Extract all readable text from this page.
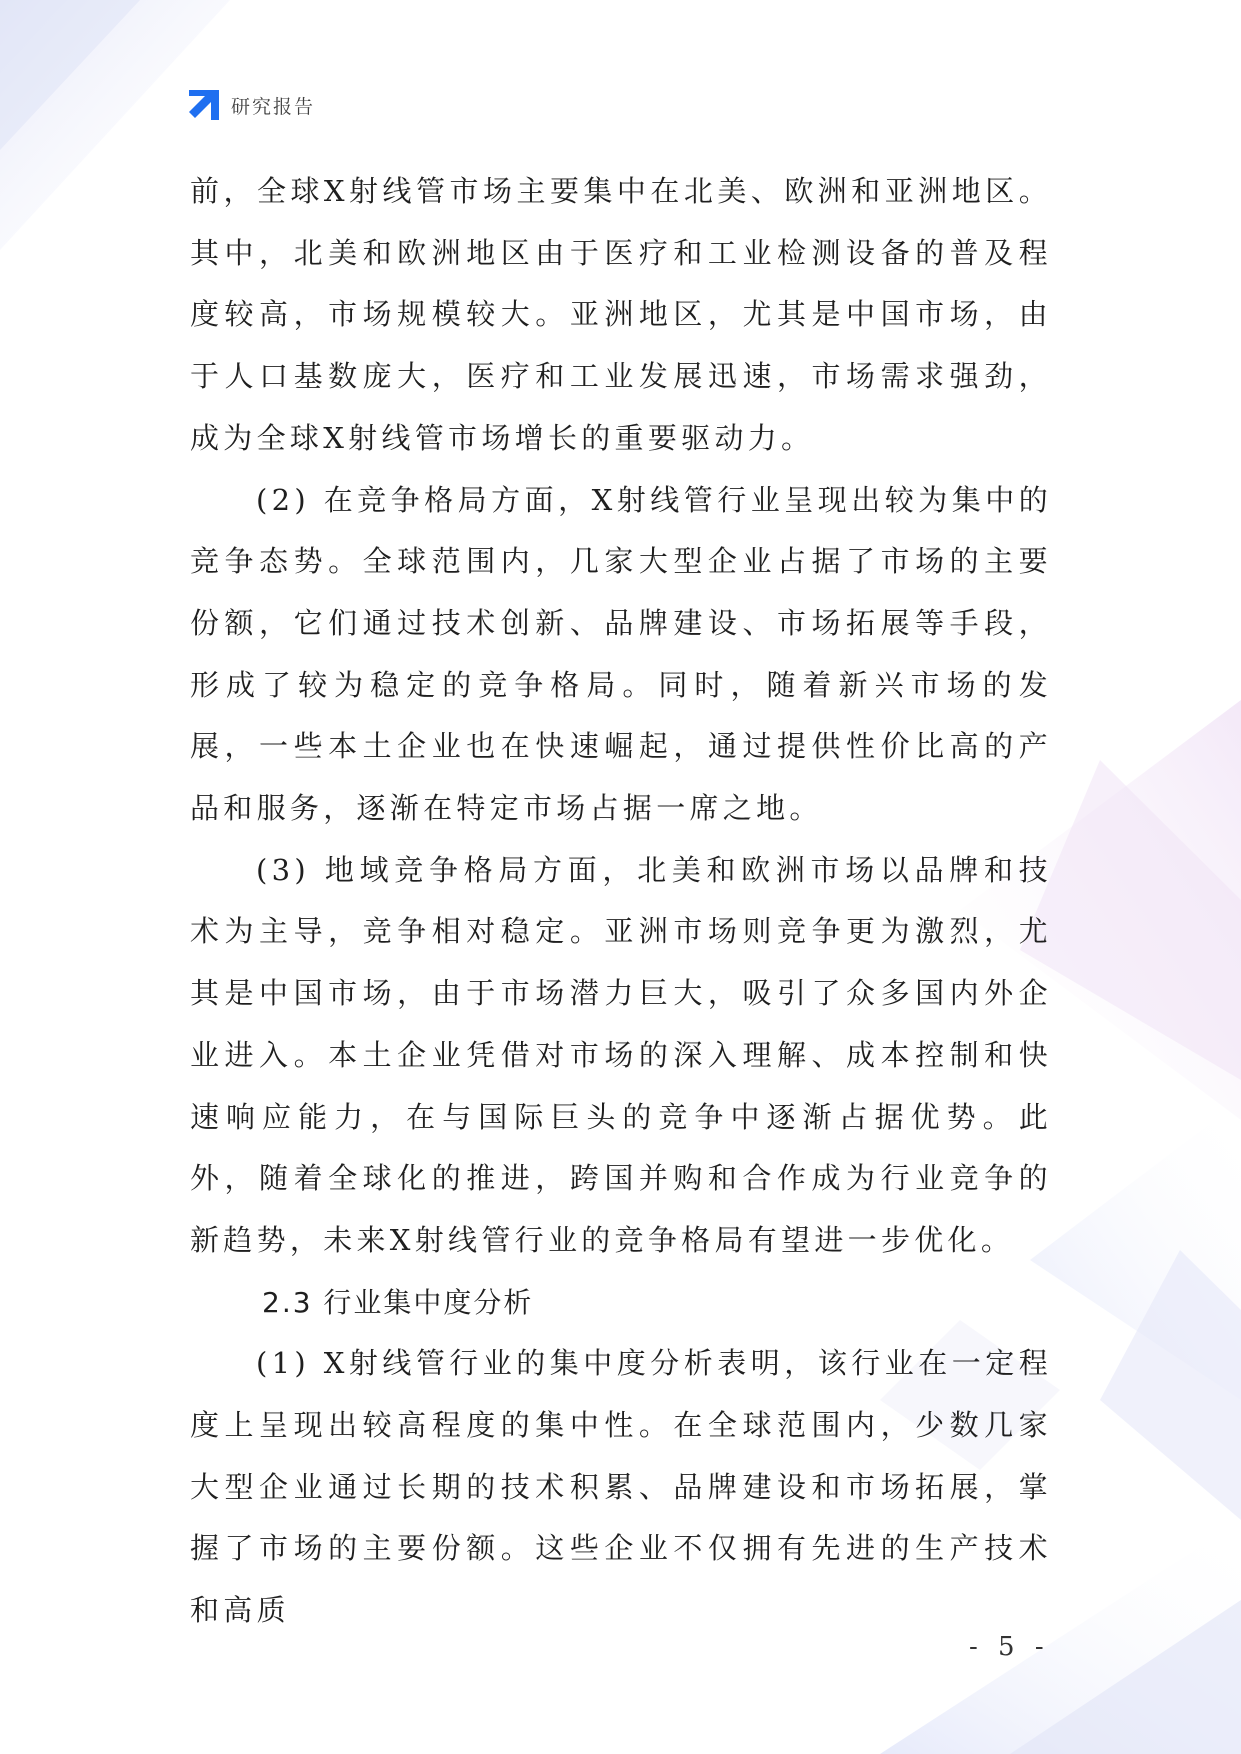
研究报告

前，全球X射线管市场主要集中在北美、欧洲和亚洲地区。其中，北美和欧洲地区由于医疗和工业检测设备的普及程度较高，市场规模较大。亚洲地区，尤其是中国市场，由于人口基数庞大，医疗和工业发展迅速，市场需求强劲，成为全球X射线管市场增长的重要驱动力。

(2) 在竞争格局方面，X射线管行业呈现出较为集中的竞争态势。全球范围内，几家大型企业占据了市场的主要份额，它们通过技术创新、品牌建设、市场拓展等手段，形成了较为稳定的竞争格局。同时，随着新兴市场的发展，一些本土企业也在快速崛起，通过提供性价比高的产品和服务，逐渐在特定市场占据一席之地。

(3) 地域竞争格局方面，北美和欧洲市场以品牌和技术为主导，竞争相对稳定。亚洲市场则竞争更为激烈，尤其是中国市场，由于市场潜力巨大，吸引了众多国内外企业进入。本土企业凭借对市场的深入理解、成本控制和快速响应能力，在与国际巨头的竞争中逐渐占据优势。此外，随着全球化的推进，跨国并购和合作成为行业竞争的新趋势，未来X射线管行业的竞争格局有望进一步优化。

2.3 行业集中度分析

(1) X射线管行业的集中度分析表明，该行业在一定程度上呈现出较高程度的集中性。在全球范围内，少数几家大型企业通过长期的技术积累、品牌建设和市场拓展，掌握了市场的主要份额。这些企业不仅拥有先进的生产技术和高质

- 5 -
